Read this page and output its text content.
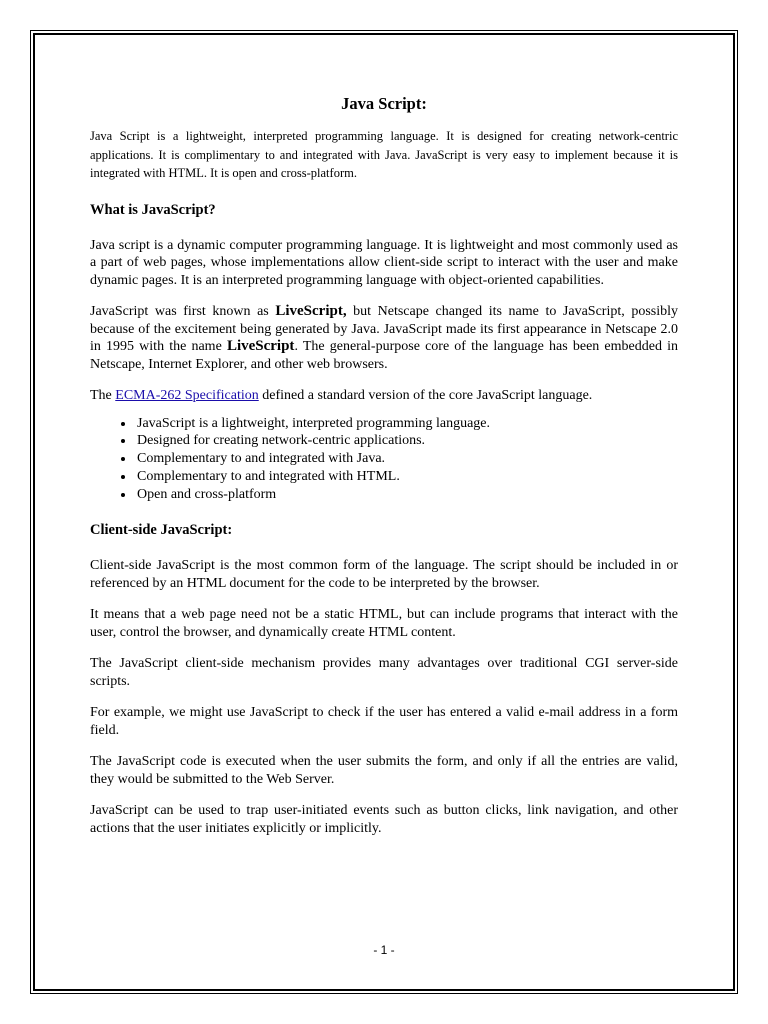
Java Script:

Java Script is a lightweight, interpreted programming language. It is designed for creating network-centric applications. It is complimentary to and integrated with Java. JavaScript is very easy to implement because it is integrated with HTML. It is open and cross-platform.

What is JavaScript?

Java script is a dynamic computer programming language. It is lightweight and most commonly used as a part of web pages, whose implementations allow client-side script to interact with the user and make dynamic pages. It is an interpreted programming language with object-oriented capabilities.

JavaScript was first known as LiveScript, but Netscape changed its name to JavaScript, possibly because of the excitement being generated by Java. JavaScript made its first appearance in Netscape 2.0 in 1995 with the name LiveScript. The general-purpose core of the language has been embedded in Netscape, Internet Explorer, and other web browsers.

The ECMA-262 Specification defined a standard version of the core JavaScript language.

• JavaScript is a lightweight, interpreted programming language.
• Designed for creating network-centric applications.
• Complementary to and integrated with Java.
• Complementary to and integrated with HTML.
• Open and cross-platform
Client-side JavaScript:

Client-side JavaScript is the most common form of the language. The script should be included in or referenced by an HTML document for the code to be interpreted by the browser.

It means that a web page need not be a static HTML, but can include programs that interact with the user, control the browser, and dynamically create HTML content.

The JavaScript client-side mechanism provides many advantages over traditional CGI server-side scripts.

For example, we might use JavaScript to check if the user has entered a valid e-mail address in a form field.

The JavaScript code is executed when the user submits the form, and only if all the entries are valid, they would be submitted to the Web Server.

JavaScript can be used to trap user-initiated events such as button clicks, link navigation, and other actions that the user initiates explicitly or implicitly.

- 1 -
